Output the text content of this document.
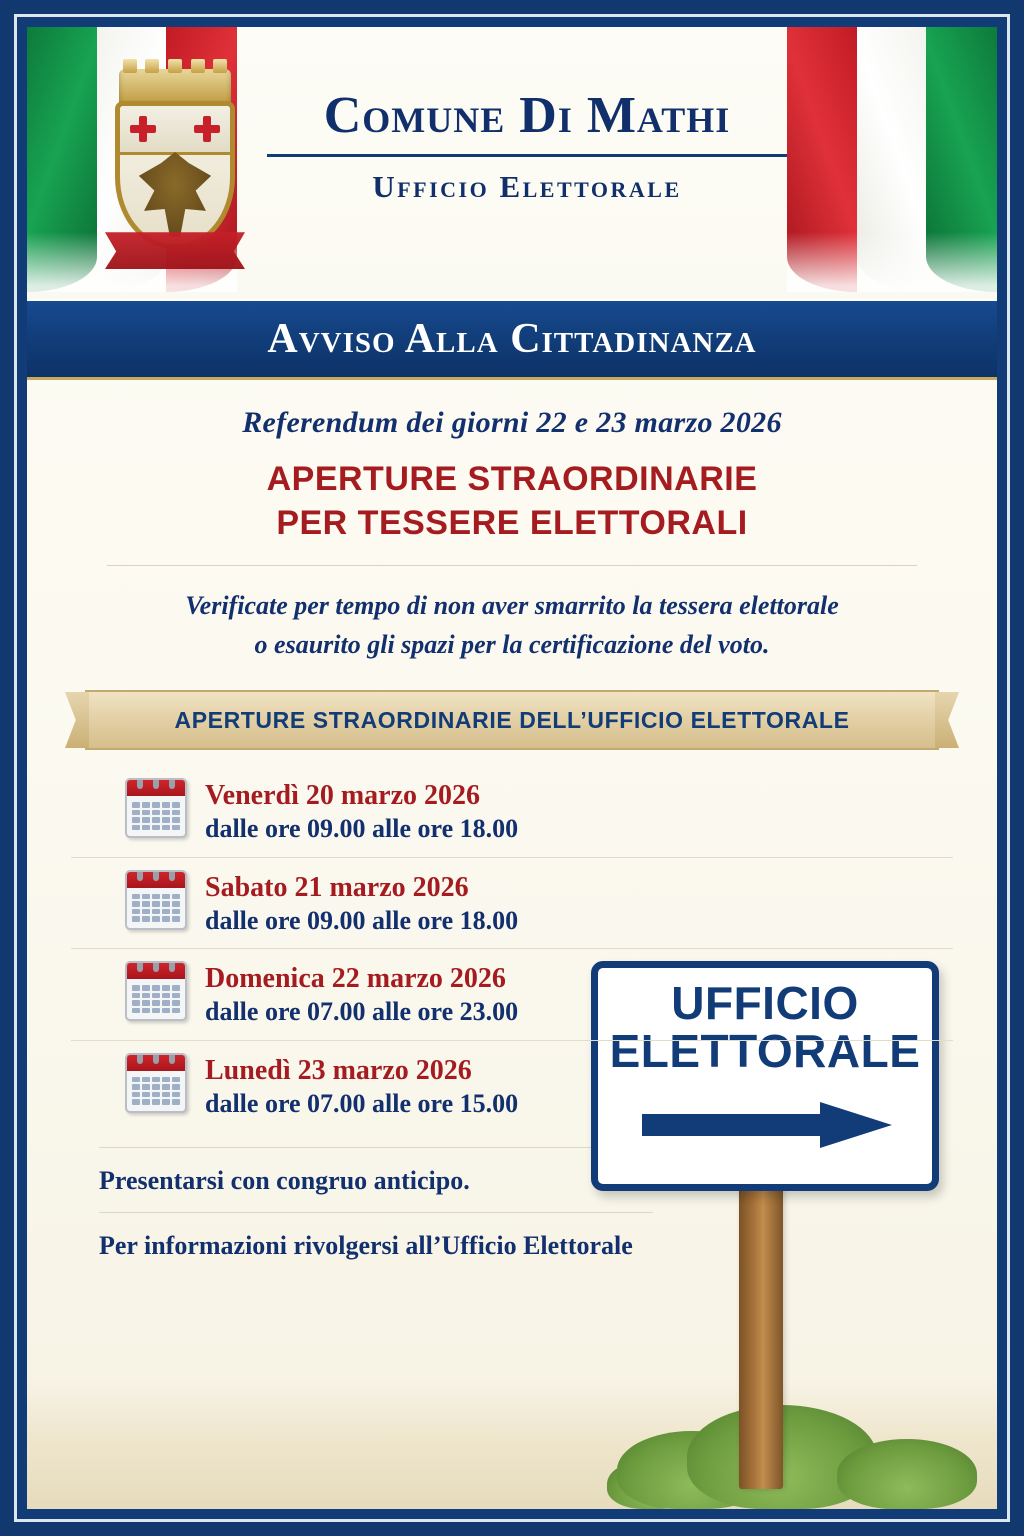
Comune Di Mathi
Ufficio Elettorale
Avviso Alla Cittadinanza
Referendum dei giorni 22 e 23 marzo 2026
APERTURE STRAORDINARIE
PER TESSERE ELETTORALI
Verificate per tempo di non aver smarrito la tessera elettorale
o esaurito gli spazi per la certificazione del voto.
APERTURE STRAORDINARIE DELL’UFFICIO ELETTORALE
Venerdì 20 marzo 2026
dalle ore 09.00 alle ore 18.00
Sabato 21 marzo 2026
dalle ore 09.00 alle ore 18.00
Domenica 22 marzo 2026
dalle ore 07.00 alle ore 23.00
Lunedì 23 marzo 2026
dalle ore 07.00 alle ore 15.00
Presentarsi con congruo anticipo.
Per informazioni rivolgersi all’Ufficio Elettorale
UFFICIO
ELETTORALE
